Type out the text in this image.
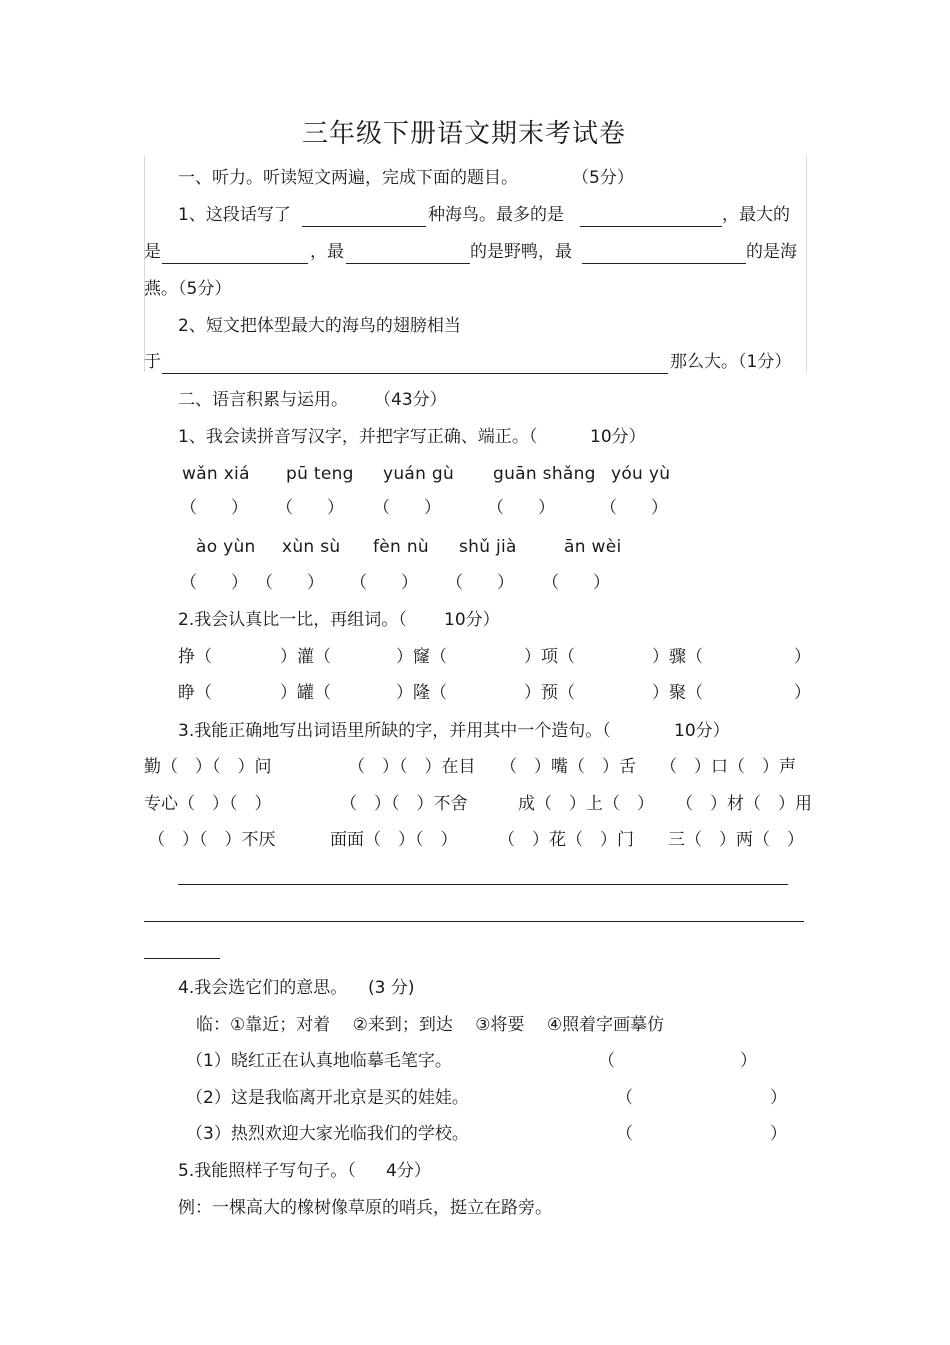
三年级下册语文期末考试卷
一、听力。听读短文两遍，完成下面的题目。	（5分）
1、这段话写了	种海鸟。最多的是	，最大的
是	，最	的是野鸭，最	的是海
燕。（5分）
2、短文把体型最大的海鸟的翅膀相当
于	那么大。（1分）
二、语言积累与运用。 （43分）
1、我会读拼音写汉字，并把字写正确、端正。（	10分）
wǎn xiá pū teng yuán gù guān shǎng yóu yù
（　　） （　　） （　　）	（　　）	（　　）
ào yùn xùn sù fèn nù shǔ jià	ān wèi
（　　） （　　） （　　） （　　） （　　）
2.我会认真比一比，再组词。（ 10分）
挣（	）灌（	）窿（	）项（	）骤（	）
睁（	）罐（	）隆（	）预（	）聚（	）
3.我能正确地写出词语里所缺的字，并用其中一个造句。（	10分）
勤（　）（　）问	（　）（　）在目 （　）嘴（　）舌 （　）口（　）声
专心（　）（　）	（　）（　）不舍	成（　）上（　） （　）材（　）用
（　）（　）不厌	面面（　）（　） （　）花（　）门 三（　）两（　）
4.我会选它们的意思。 (3 分)
临：①靠近；对着　 ②来到；到达　 ③将要　 ④照着字画摹仿
（1）晓红正在认真地临摹毛笔字。	（	）
（2）这是我临离开北京是买的娃娃。	（	）
（3）热烈欢迎大家光临我们的学校。	（	）
5.我能照样子写句子。（ 4分）
例：一棵高大的橡树像草原的哨兵，挺立在路旁。
